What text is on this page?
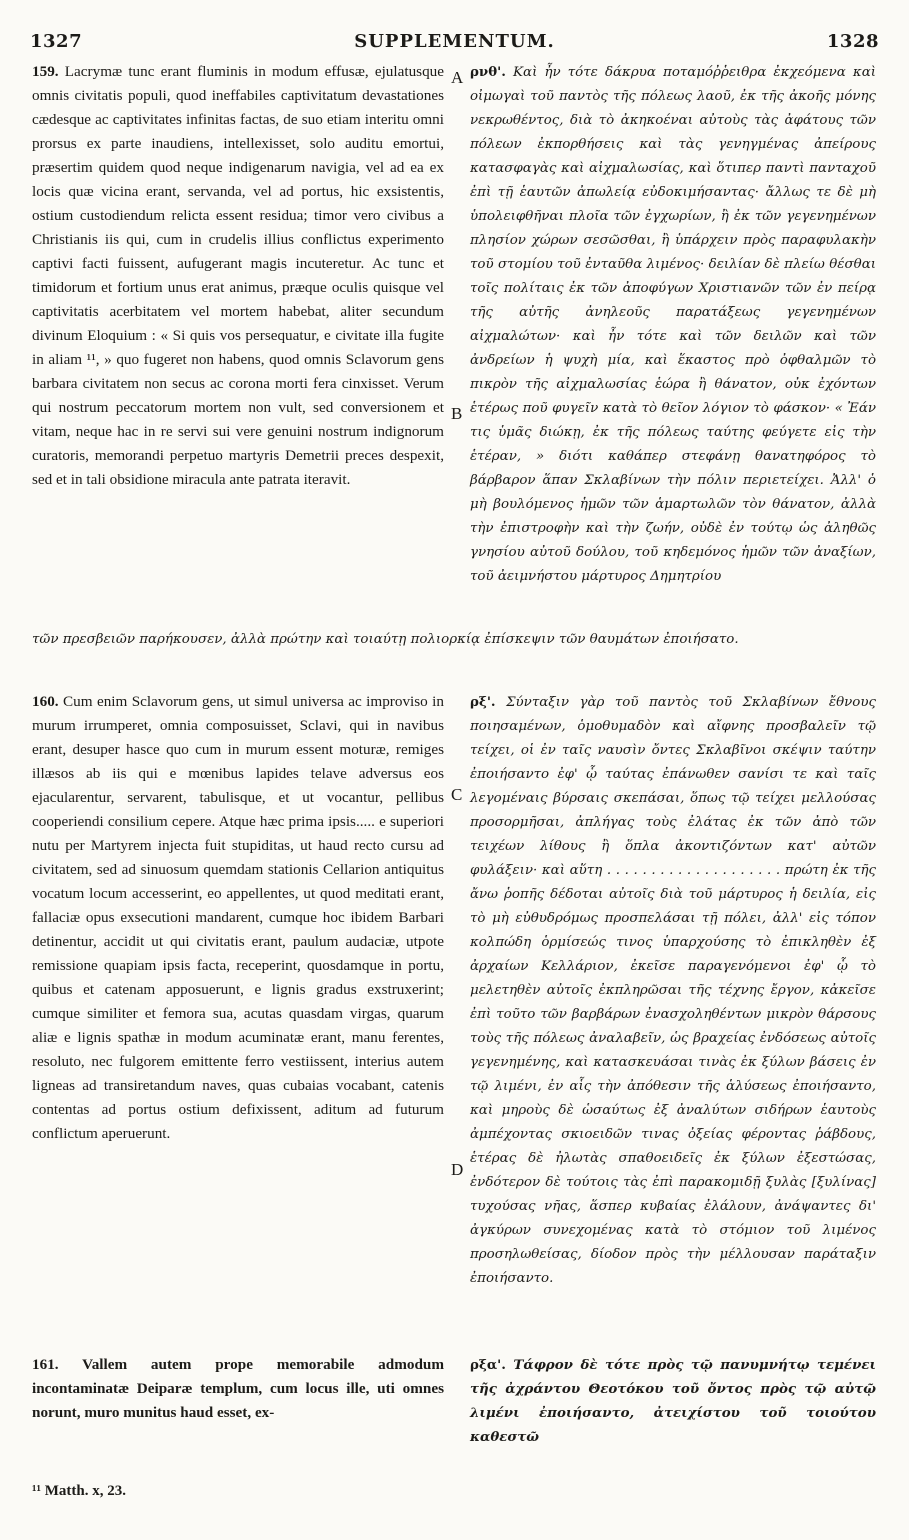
1327	SUPPLEMENTUM.	1328
A
B
C
D
159. Lacrymæ tunc erant fluminis in modum effusæ, ejulatusque omnis civitatis populi, quod ineffabiles captivitatum devastationes cædesque ac captivitates infinitas factas, de suo etiam interitu omni prorsus ex parte inaudiens, intellexisset, solo auditu emortui, præsertim quidem quod neque indigenarum navigia, vel ad ea ex locis quæ vicina erant, servanda, vel ad portus, hic exsistentis, ostium custodiendum relicta essent residua; timor vero civibus a Christianis iis qui, cum in crudelis illius conflictus experimento captivi facti fuissent, aufugerant magis incuteretur. Ac tunc et timidorum et fortium unus erat animus, præque oculis quisque vel captivitatis acerbitatem vel mortem habebat, aliter secundum divinum Eloquium : « Si quis vos persequatur, e civitate illa fugite in aliam ¹¹, » quo fugeret non habens, quod omnis Sclavorum gens barbara civitatem non secus ac corona morti fera cinxisset. Verum qui nostrum peccatorum mortem non vult, sed conversionem et vitam, neque hac in re servi sui vere genuini nostrum indignorum curatoris, memorandi perpetuo martyris Demetrii preces despexit, sed et in tali obsidione miracula ante patrata iteravit.
ρνθ'. Καὶ ἦν τότε δάκρυα ποταμόῤῥειθρα ἐκχεόμενα καὶ οἰμωγαὶ τοῦ παντὸς τῆς πόλεως λαοῦ, ἐκ τῆς ἀκοῆς μόνης νεκρωθέντος, διὰ τὸ ἀκηκοέναι αὐτοὺς τὰς ἀφάτους τῶν πόλεων ἐκπορθήσεις καὶ τὰς γενηγμένας ἀπείρους κατασφαγὰς καὶ αἰχμαλωσίας, καὶ ὅτιπερ παντὶ πανταχοῦ ἐπὶ τῇ ἑαυτῶν ἀπωλείᾳ εὐδοκιμήσαντας· ἄλλως τε δὲ μὴ ὑπολειφθῆναι πλοῖα τῶν ἐγχωρίων, ἢ ἐκ τῶν γεγενημένων πλησίον χώρων σεσῶσθαι, ἢ ὑπάρχειν πρὸς παραφυλακὴν τοῦ στομίου τοῦ ἐνταῦθα λιμένος· δειλίαν δὲ πλείω θέσθαι τοῖς πολίταις ἐκ τῶν ἀποφύγων Χριστιανῶν τῶν ἐν πείρᾳ τῆς αὐτῆς ἀνηλεοῦς παρατάξεως γεγενημένων αἰχμαλώτων· καὶ ἦν τότε καὶ τῶν δειλῶν καὶ τῶν ἀνδρείων ἡ ψυχὴ μία, καὶ ἕκαστος πρὸ ὀφθαλμῶν τὸ πικρὸν τῆς αἰχμαλωσίας ἑώρα ἢ θάνατον, οὐκ ἐχόντων ἑτέρως ποῦ φυγεῖν κατὰ τὸ θεῖον λόγιον τὸ φάσκον· « Ἐάν τις ὑμᾶς διώκῃ, ἐκ τῆς πόλεως ταύτης φεύγετε εἰς τὴν ἑτέραν, » διότι καθάπερ στεφάνῃ θανατηφόρος τὸ βάρβαρον ἅπαν Σκλαβίνων τὴν πόλιν περιετείχει. Ἀλλ' ὁ μὴ βουλόμενος ἡμῶν τῶν ἁμαρτωλῶν τὸν θάνατον, ἀλλὰ τὴν ἐπιστροφὴν καὶ τὴν ζωήν, οὐδὲ ἐν τούτῳ ὡς ἀληθῶς γνησίου αὐτοῦ δούλου, τοῦ κηδεμόνος ἡμῶν τῶν ἀναξίων, τοῦ ἀειμνήστου μάρτυρος Δημητρίου
τῶν πρεσβειῶν παρήκουσεν, ἀλλὰ πρώτην καὶ τοιαύτῃ πολιορκίᾳ ἐπίσκεψιν τῶν θαυμάτων ἐποιήσατο.
160. Cum enim Sclavorum gens, ut simul universa ac improviso in murum irrumperet, omnia composuisset, Sclavi, qui in navibus erant, desuper hasce quo cum in murum essent moturæ, remiges illæsos ab iis qui e mœnibus lapides telave adversus eos ejacularentur, servarent, tabulisque, et ut vocantur, pellibus cooperiendi consilium cepere. Atque hæc prima ipsis..... e superiori nutu per Martyrem injecta fuit stupiditas, ut haud recto cursu ad civitatem, sed ad sinuosum quemdam stationis Cellarion antiquitus vocatum locum accesserint, eo appellentes, ut quod meditati erant, fallaciæ opus exsecutioni mandarent, cumque hoc ibidem Barbari detinentur, accidit ut qui civitatis erant, paulum audaciæ, utpote remissione quapiam ipsis facta, receperint, quosdamque in portu, quibus et catenam apposuerunt, e lignis gradus exstruxerint; cumque similiter et femora sua, acutas quasdam virgas, quarum aliæ e lignis spathæ in modum acuminatæ erant, manu ferentes, resoluto, nec fulgorem emittente ferro vestiissent, interius autem ligneas ad transiretandum naves, quas cubaias vocabant, catenis contentas ad portus ostium defixissent, aditum ad futurum conflictum aperuerunt.
ρξ'. Σύνταξιν γὰρ τοῦ παντὸς τοῦ Σκλαβίνων ἔθνους ποιησαμένων, ὁμοθυμαδὸν καὶ αἴφνης προσβαλεῖν τῷ τείχει, οἱ ἐν ταῖς ναυσὶν ὄντες Σκλαβῖνοι σκέψιν ταύτην ἐποιήσαντο ἐφ' ᾧ ταύτας ἐπάνωθεν σανίσι τε καὶ ταῖς λεγομέναις βύρσαις σκεπάσαι, ὅπως τῷ τείχει μελλούσας προσορμῆσαι, ἀπλήγας τοὺς ἐλάτας ἐκ τῶν ἀπὸ τῶν τειχέων λίθους ἢ ὅπλα ἀκοντιζόντων κατ' αὐτῶν φυλάξειν· καὶ αὕτη . . . . . . . . . . . . . . . . . . . . πρώτη ἐκ τῆς ἄνω ῥοπῆς δέδοται αὐτοῖς διὰ τοῦ μάρτυρος ἡ δειλία, εἰς τὸ μὴ εὐθυδρόμως προσπελάσαι τῇ πόλει, ἀλλ' εἰς τόπον κολπώδη ὁρμίσεώς τινος ὑπαρχούσης τὸ ἐπικληθὲν ἐξ ἀρχαίων Κελλάριον, ἐκεῖσε παραγενόμενοι ἐφ' ᾧ τὸ μελετηθὲν αὐτοῖς ἐκπληρῶσαι τῆς τέχνης ἔργον, κἀκεῖσε ἐπὶ τοῦτο τῶν βαρβάρων ἐνασχοληθέντων μικρὸν θάρσους τοὺς τῆς πόλεως ἀναλαβεῖν, ὡς βραχείας ἐνδόσεως αὐτοῖς γεγενημένης, καὶ κατασκευάσαι τινὰς ἐκ ξύλων βάσεις ἐν τῷ λιμένι, ἐν αἷς τὴν ἀπόθεσιν τῆς ἁλύσεως ἐποιήσαντο, καὶ μηροὺς δὲ ὡσαύτως ἐξ ἀναλύτων σιδήρων ἑαυτοὺς ἀμπέχοντας σκιοειδῶν τινας ὀξείας φέροντας ῥάβδους, ἑτέρας δὲ ἠλωτὰς σπαθοειδεῖς ἐκ ξύλων ἐξεστώσας, ἐνδότερον δὲ τούτοις τὰς ἐπὶ παρακομιδῇ ξυλὰς [ξυλίνας] τυχούσας νῆας, ἅσπερ κυβαίας ἐλάλουν, ἀνάψαντες δι' ἀγκύρων συνεχομένας κατὰ τὸ στόμιον τοῦ λιμένος προσηλωθείσας, δίοδον πρὸς τὴν μέλλουσαν παράταξιν ἐποιήσαντο.
161. Vallem autem prope memorabile admodum incontaminatæ Deiparæ templum, cum locus ille, uti omnes norunt, muro munitus haud esset, ex-
ρξα'. Τάφρον δὲ τότε πρὸς τῷ πανυμνήτῳ τεμένει τῆς ἀχράντου Θεοτόκου τοῦ ὄντος πρὸς τῷ αὐτῷ λιμένι ἐποιήσαντο, ἀτειχίστου τοῦ τοιούτου καθεστῶ
¹¹ Matth. x, 23.
